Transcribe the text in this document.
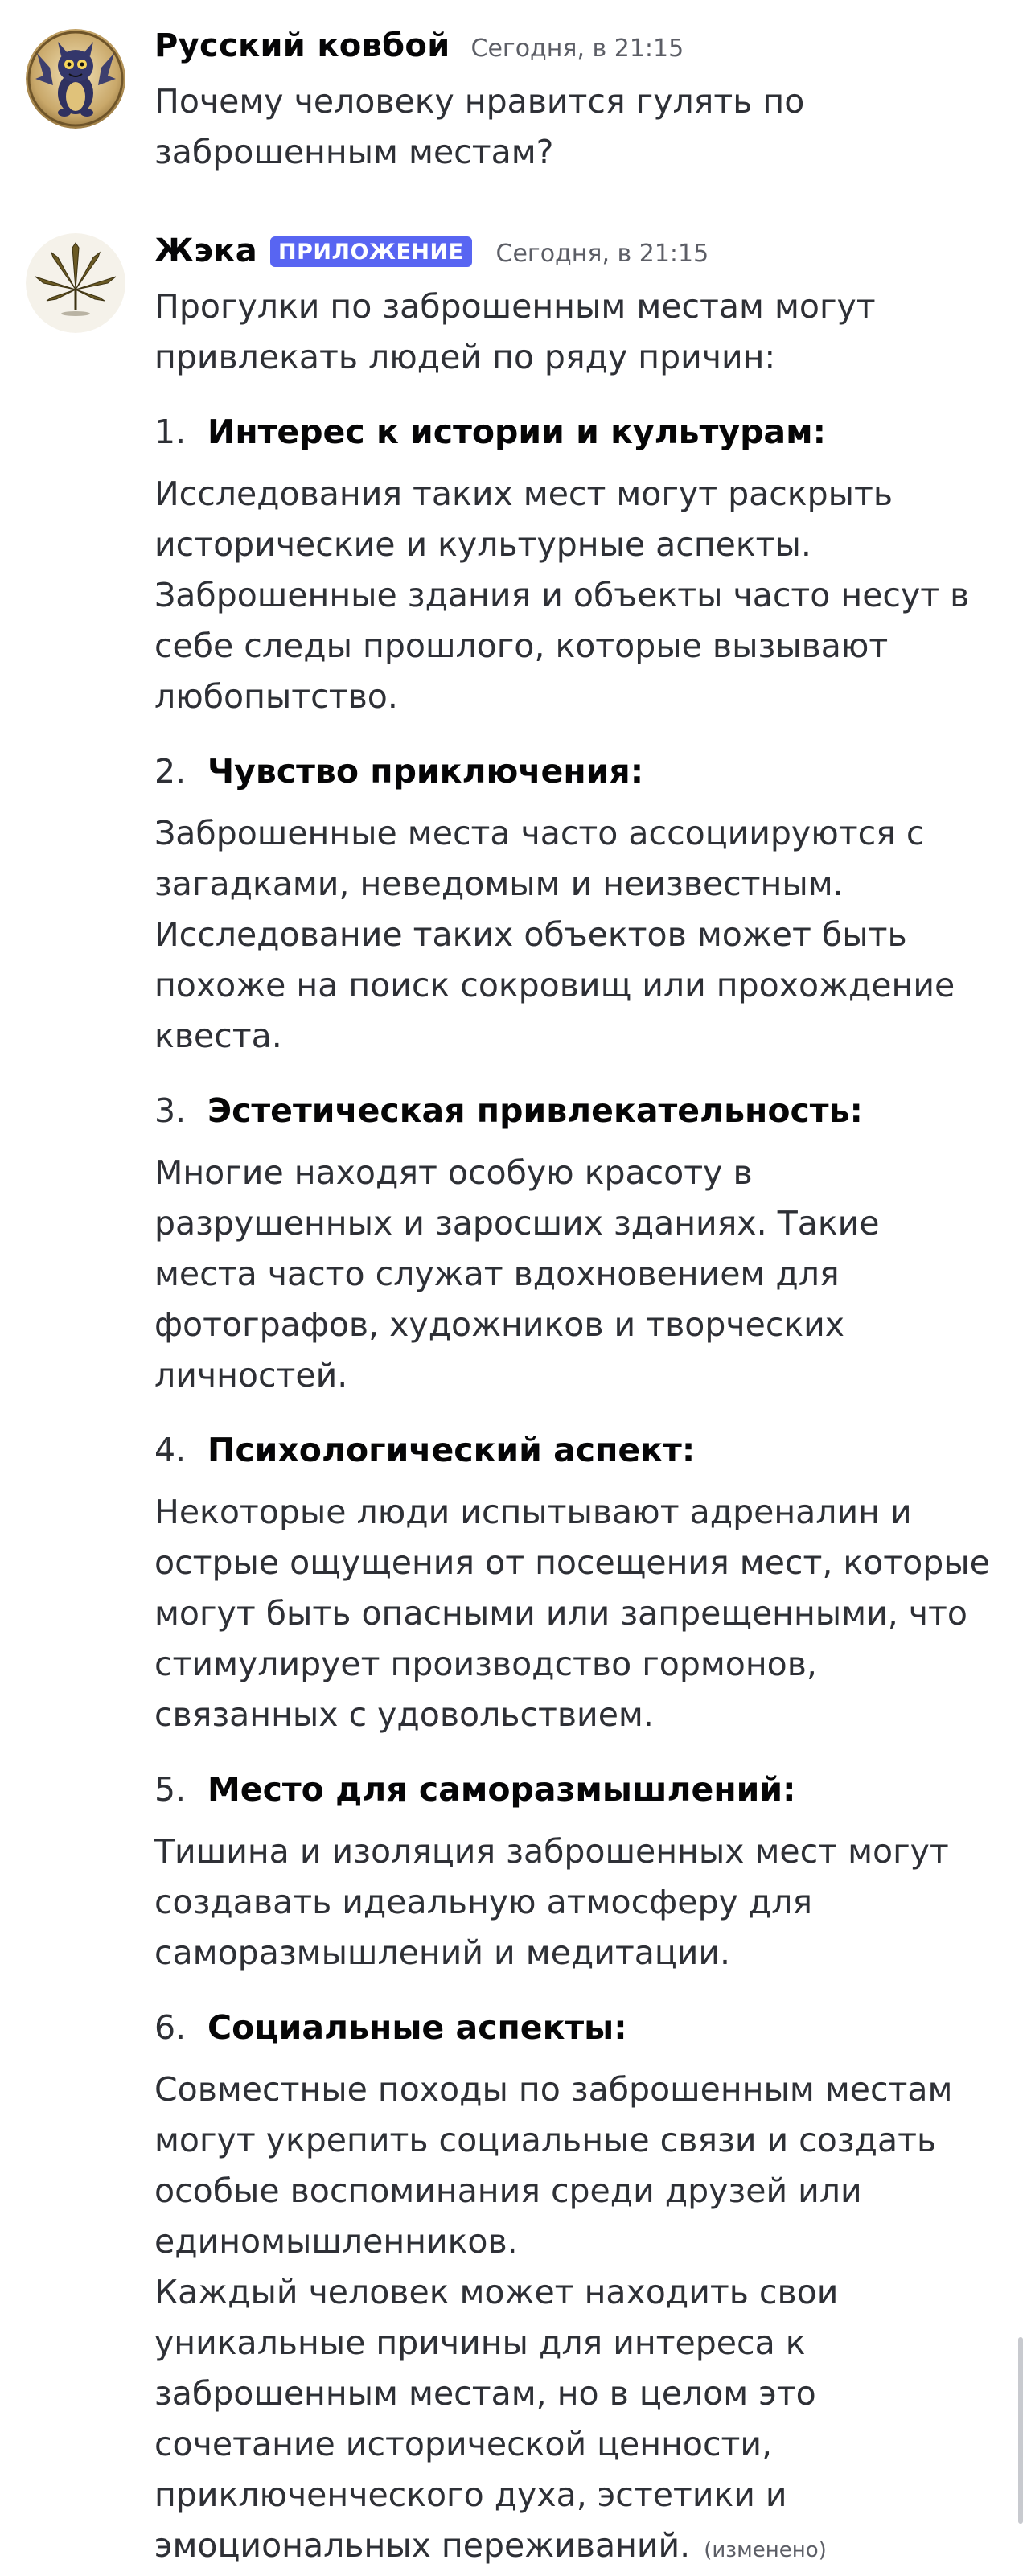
Русский ковбой Сегодня, в 21:15

Почему человеку нравится гулять по заброшенным местам?

Жэка ПРИЛОЖЕНИЕ	Сегодня, в 21:15

Прогулки по заброшенным местам могут привлекать людей по ряду причин:

1. Интерес к истории и культурам:

Исследования таких мест могут раскрыть исторические и культурные аспекты. Заброшенные здания и объекты часто несут в себе следы прошлого, которые вызывают любопытство.

2. Чувство приключения:

Заброшенные места часто ассоциируются с загадками, неведомым и неизвестным. Исследование таких объектов может быть похоже на поиск сокровищ или прохождение квеста.

3. Эстетическая привлекательность:

Многие находят особую красоту в разрушенных и заросших зданиях. Такие места часто служат вдохновением для фотографов, художников и творческих личностей.

4. Психологический аспект:

Некоторые люди испытывают адреналин и острые ощущения от посещения мест, которые могут быть опасными или запрещенными, что стимулирует производство гормонов, связанных с удовольствием.

5. Место для саморазмышлений:

Тишина и изоляция заброшенных мест могут создавать идеальную атмосферу для саморазмышлений и медитации.

6. Социальные аспекты:

Совместные походы по заброшенным местам могут укрепить социальные связи и создать особые воспоминания среди друзей или единомышленников.

Каждый человек может находить свои уникальные причины для интереса к заброшенным местам, но в целом это сочетание исторической ценности, приключенческого духа, эстетики и эмоциональных переживаний. (изменено)
